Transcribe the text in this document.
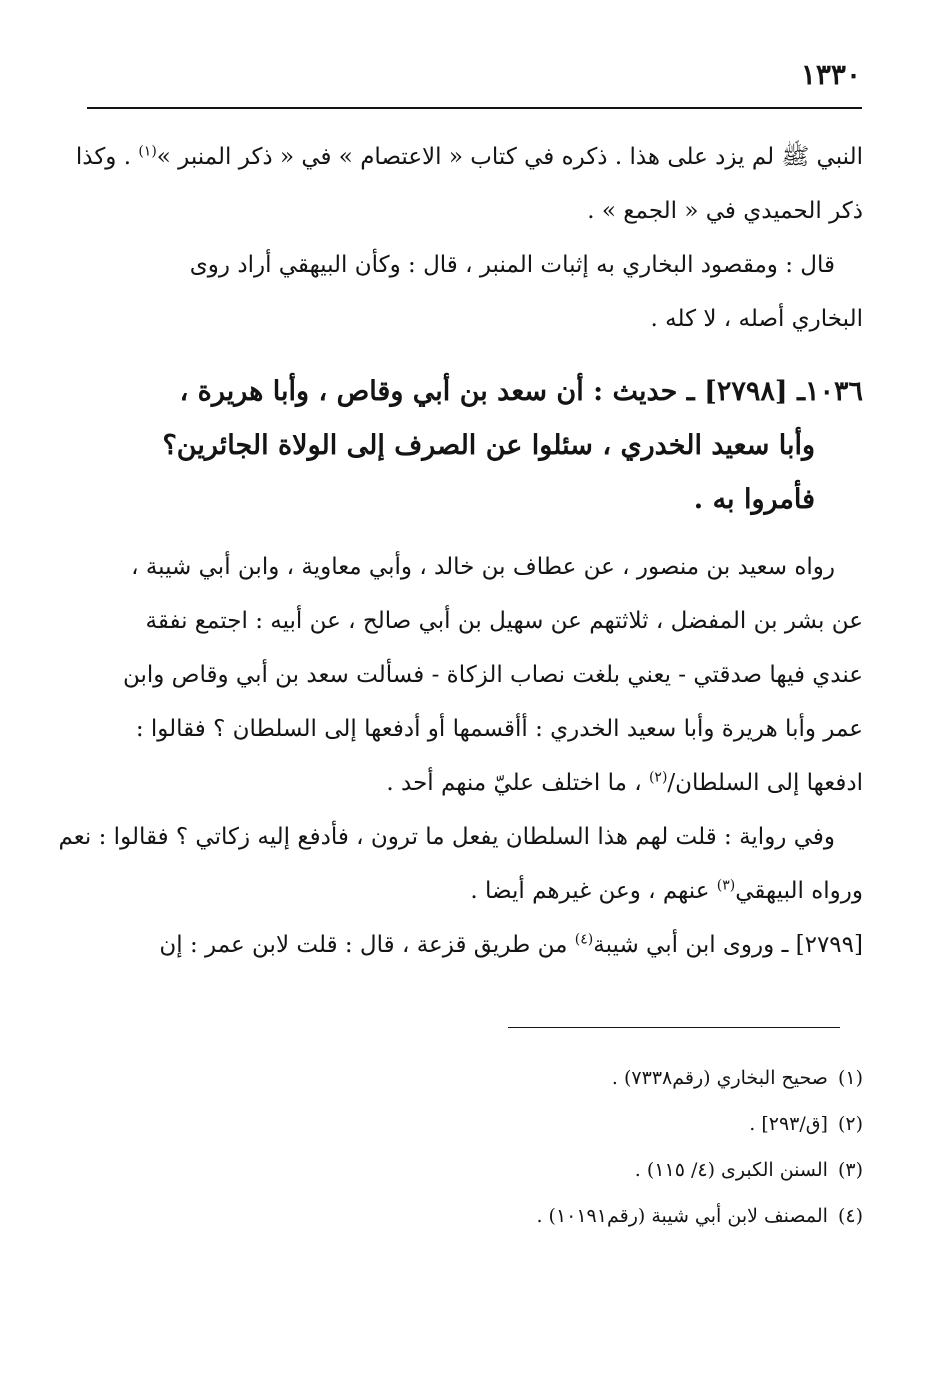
١٣٣٠
النبي ﷺ لم يزد على هذا . ذكره في كتاب « الاعتصام » في « ذكر المنبر »$^{(١)}$ . وكذا
ذكر الحميدي في « الجمع » .
قال : ومقصود البخاري به إثبات المنبر ، قال : وكأن البيهقي أراد روى
البخاري أصله ، لا كله .
١٠٣٦ـ [٢٧٩٨] ـ حديث : أن سعد بن أبي وقاص ، وأبا هريرة ،
وأبا سعيد الخدري ، سئلوا عن الصرف إلى الولاة الجائرين؟
فأمروا به .
رواه سعيد بن منصور ، عن عطاف بن خالد ، وأبي معاوية ، وابن أبي شيبة ،
عن بشر بن المفضل ، ثلاثتهم عن سهيل بن أبي صالح ، عن أبيه : اجتمع نفقة
عندي فيها صدقتي - يعني بلغت نصاب الزكاة - فسألت سعد بن أبي وقاص وابن
عمر وأبا هريرة وأبا سعيد الخدري : أأقسمها أو أدفعها إلى السلطان ؟ فقالوا :
ادفعها إلى السلطان/$^{(٢)}$ ، ما اختلف عليّ منهم أحد .
وفي رواية : قلت لهم هذا السلطان يفعل ما ترون ، فأدفع إليه زكاتي ؟ فقالوا : نعم
ورواه البيهقي$^{(٣)}$ عنهم ، وعن غيرهم أيضا .
[٢٧٩٩] ـ وروى ابن أبي شيبة$^{(٤)}$ من طريق قزعة ، قال : قلت لابن عمر : إن
(١)صحيح البخاري (رقم٧٣٣٨) .
(٢)[ق/٢٩٣] .
(٣)السنن الكبرى (٤/ ١١٥) .
(٤)المصنف لابن أبي شيبة (رقم١٠١٩١) .
